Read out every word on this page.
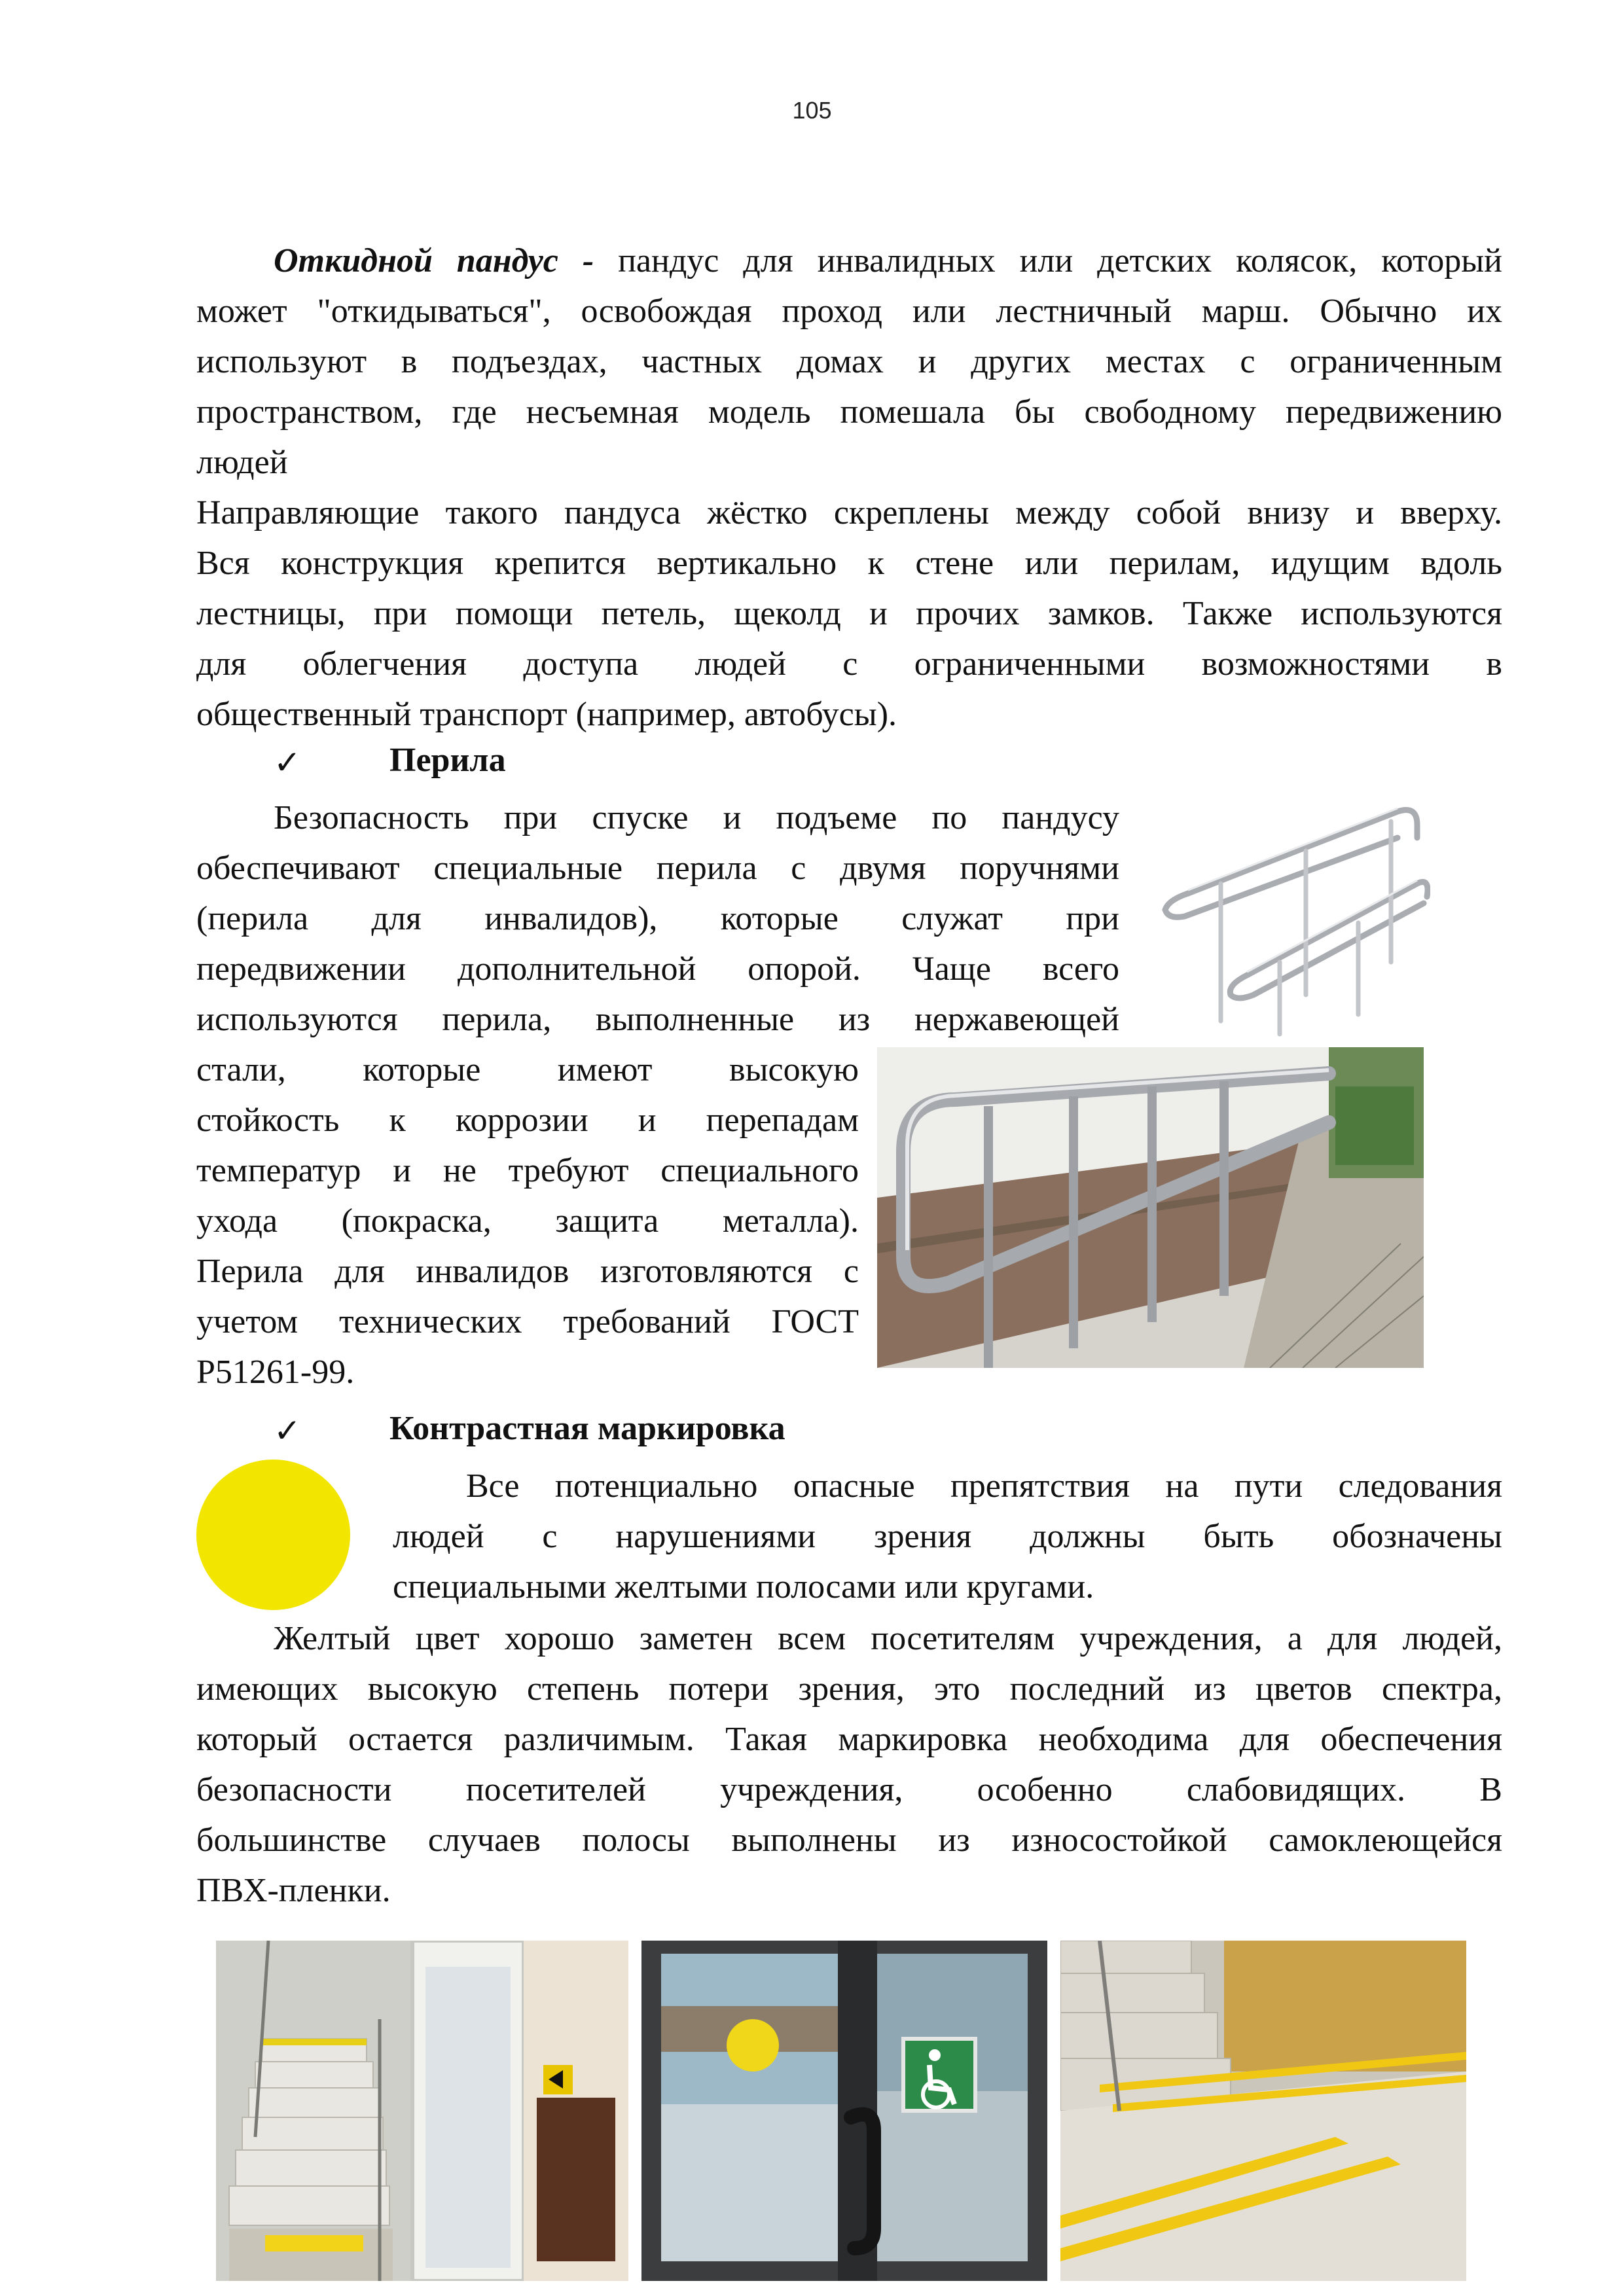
105

Откидной пандус - пандус для инвалидных или детских колясок, который

может "откидываться", освобождая проход или лестничный марш. Обычно их

используют в подъездах, частных домах и других местах с ограниченным

пространством, где несъемная модель помешала бы свободному передвижению

людей

Направляющие такого пандуса жёстко скреплены между собой внизу и вверху.

Вся конструкция крепится вертикально к стене или перилам, идущим вдоль

лестницы, при помощи петель, щеколд и прочих замков. Также используются

для облегчения доступа людей с ограниченными возможностями в

общественный транспорт (например, автобусы).

✓	Перила

Безопасность при спуске и подъеме по пандусу

обеспечивают специальные перила с двумя поручнями

(перила для инвалидов), которые служат при

передвижении дополнительной опорой. Чаще всего

используются перила, выполненные из нержавеющей

стали, которые имеют высокую

стойкость к коррозии и перепадам

температур и не требуют специального

ухода (покраска, защита металла).

Перила для инвалидов изготовляются с

учетом технических требований ГОСТ

Р51261-99.

✓	Контрастная маркировка

Все потенциально опасные препятствия на пути следования

людей с нарушениями зрения должны быть обозначены

специальными желтыми полосами или кругами.

Желтый цвет хорошо заметен всем посетителям учреждения, а для людей,

имеющих высокую степень потери зрения, это последний из цветов спектра,

который остается различимым. Такая маркировка необходима для обеспечения

безопасности посетителей учреждения, особенно слабовидящих. В

большинстве случаев полосы выполнены из износостойкой самоклеющейся

ПВХ-пленки.
